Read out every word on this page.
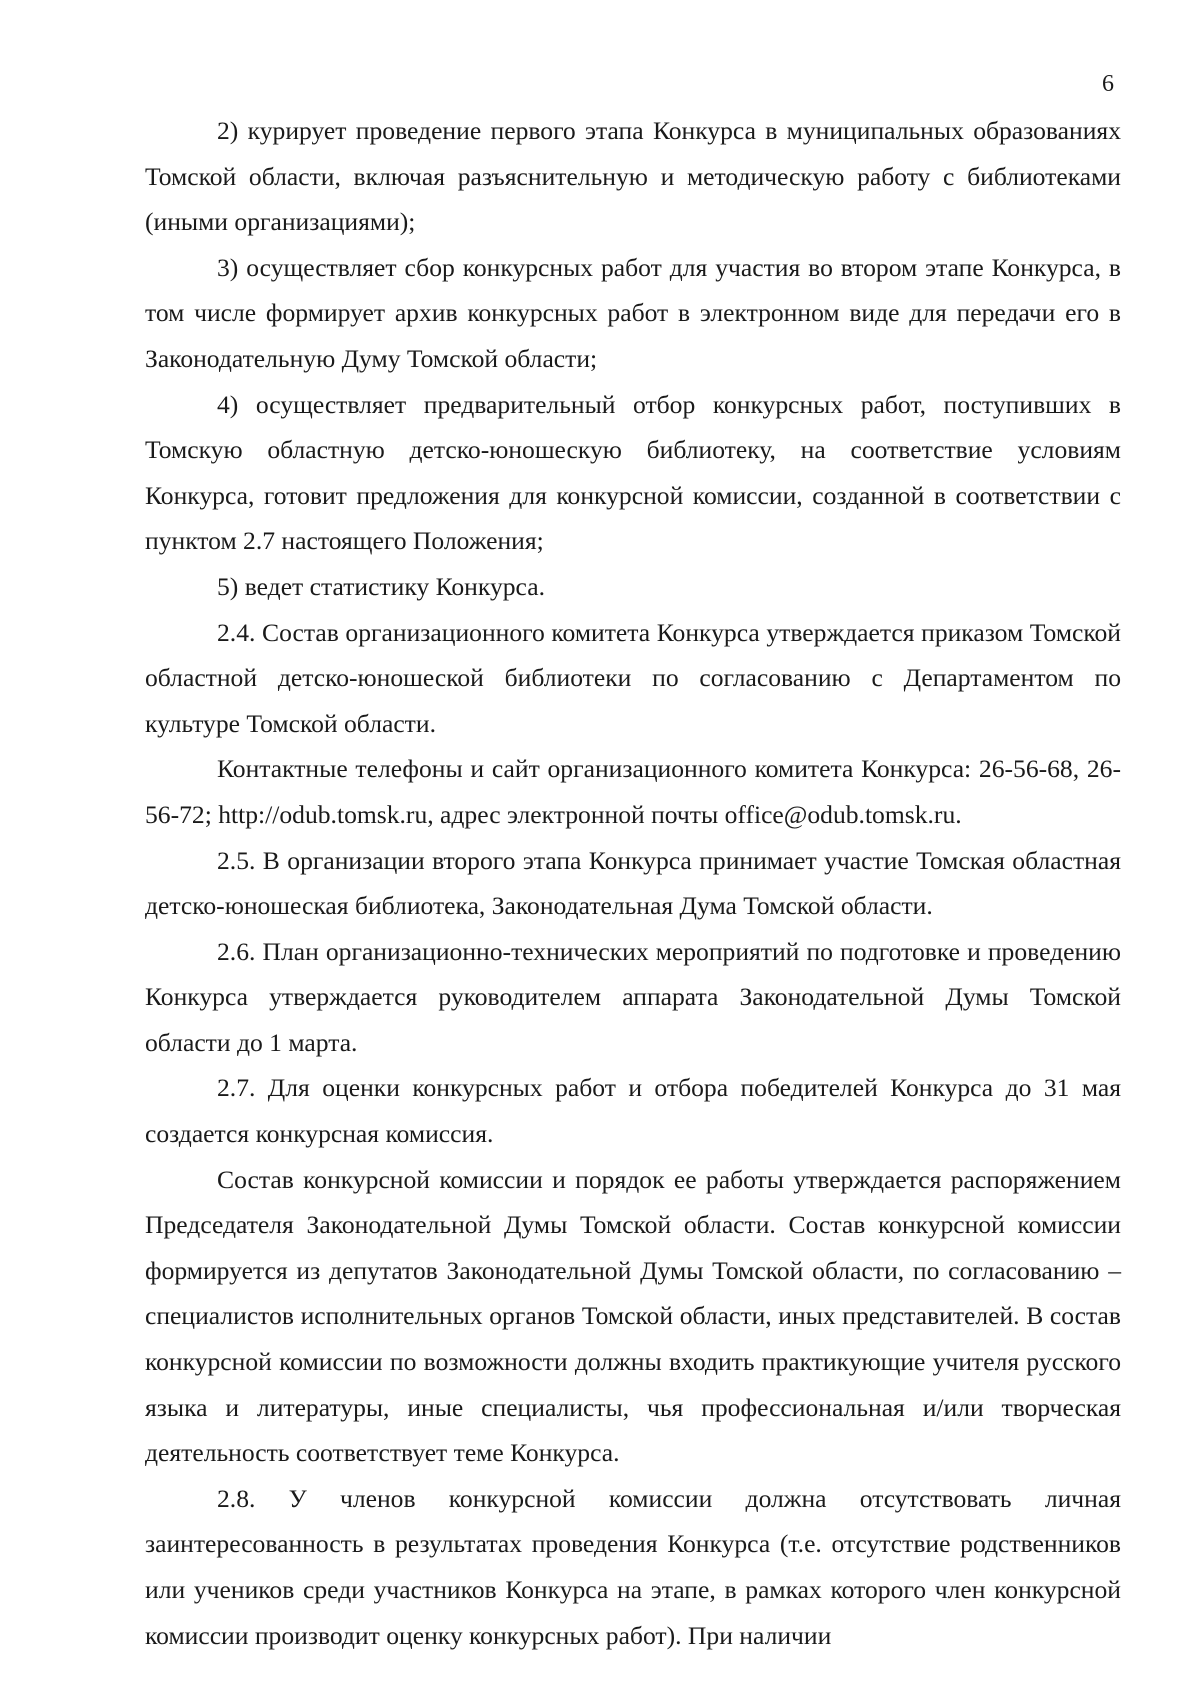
6

2) курирует проведение первого этапа Конкурса в муниципальных образованиях Томской области, включая разъяснительную и методическую работу с библиотеками (иными организациями);

3) осуществляет сбор конкурсных работ для участия во втором этапе Конкурса, в том числе формирует архив конкурсных работ в электронном виде для передачи его в Законодательную Думу Томской области;

4) осуществляет предварительный отбор конкурсных работ, поступивших в Томскую областную детско-юношескую библиотеку, на соответствие условиям Конкурса, готовит предложения для конкурсной комиссии, созданной в соответствии с пунктом 2.7 настоящего Положения;

5) ведет статистику Конкурса.

2.4. Состав организационного комитета Конкурса утверждается приказом Томской областной детско-юношеской библиотеки по согласованию с Департаментом по культуре Томской области.

Контактные телефоны и сайт организационного комитета Конкурса: 26-56-68, 26-56-72; http://odub.tomsk.ru, адрес электронной почты office@odub.tomsk.ru.

2.5. В организации второго этапа Конкурса принимает участие Томская областная детско-юношеская библиотека, Законодательная Дума Томской области.

2.6. План организационно-технических мероприятий по подготовке и проведению Конкурса утверждается руководителем аппарата Законодательной Думы Томской области до 1 марта.

2.7. Для оценки конкурсных работ и отбора победителей Конкурса до 31 мая создается конкурсная комиссия.

Состав конкурсной комиссии и порядок ее работы утверждается распоряжением Председателя Законодательной Думы Томской области. Состав конкурсной комиссии формируется из депутатов Законодательной Думы Томской области, по согласованию – специалистов исполнительных органов Томской области, иных представителей. В состав конкурсной комиссии по возможности должны входить практикующие учителя русского языка и литературы, иные специалисты, чья профессиональная и/или творческая деятельность соответствует теме Конкурса.

2.8. У членов конкурсной комиссии должна отсутствовать личная заинтересованность в результатах проведения Конкурса (т.е. отсутствие родственников или учеников среди участников Конкурса на этапе, в рамках которого член конкурсной комиссии производит оценку конкурсных работ). При наличии
